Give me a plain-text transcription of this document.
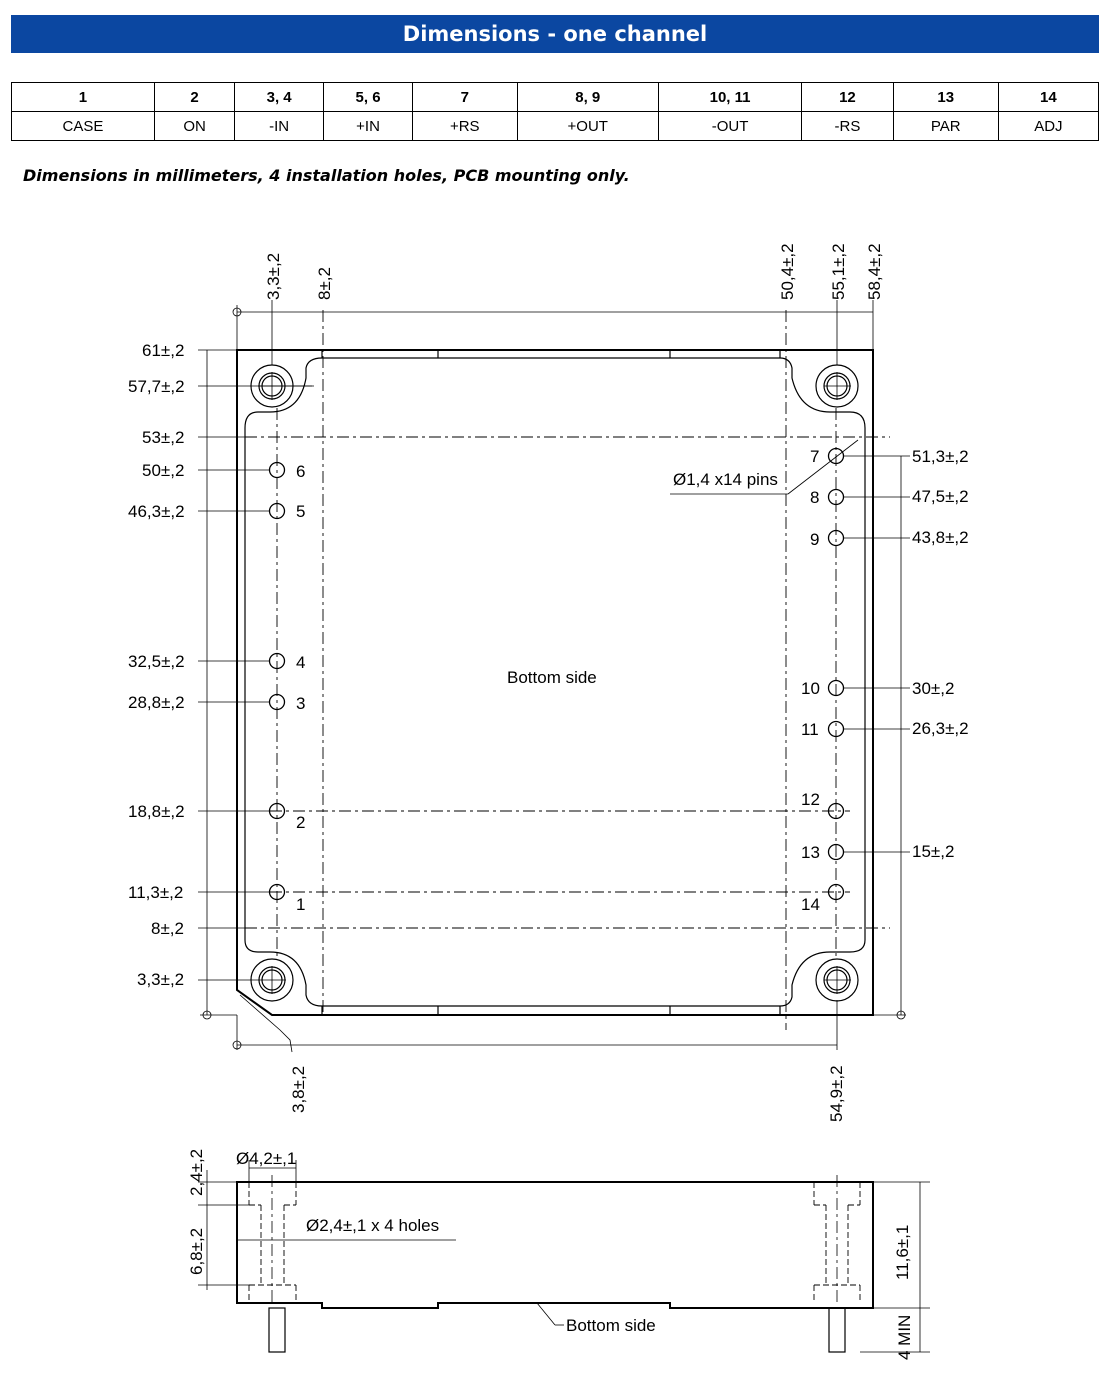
Dimensions - one channel
1	2	3, 4	5, 6	7	8, 9	10, 11	12	13	14
CASE	ON	-IN	+IN	+RS	+OUT	-OUT	-RS	PAR	ADJ
Dimensions in millimeters, 4 installation holes, PCB mounting only.
Bottom side
Ø1,4 x14 pins
3,3±,2 8±,2	50,4±,2 55,1±,2 58,4±,2
3,8±,2	54,9±,2
61±,2
57,7±,2
53±,2
50±,2
46,3±,2
32,5±,2
28,8±,2
18,8±,2
11,3±,2
8±,2
3,3±,2
51,3±,2
47,5±,2
43,8±,2
30±,2
26,3±,2
15±,2
1
2
3
4
5
6
7
8
9
10
11
12
13
14
2,4±,2
6,8±,2
Ø4,2±,1
Ø2,4±,1 x 4 holes	11,6±,1
4 MIN
Bottom side
